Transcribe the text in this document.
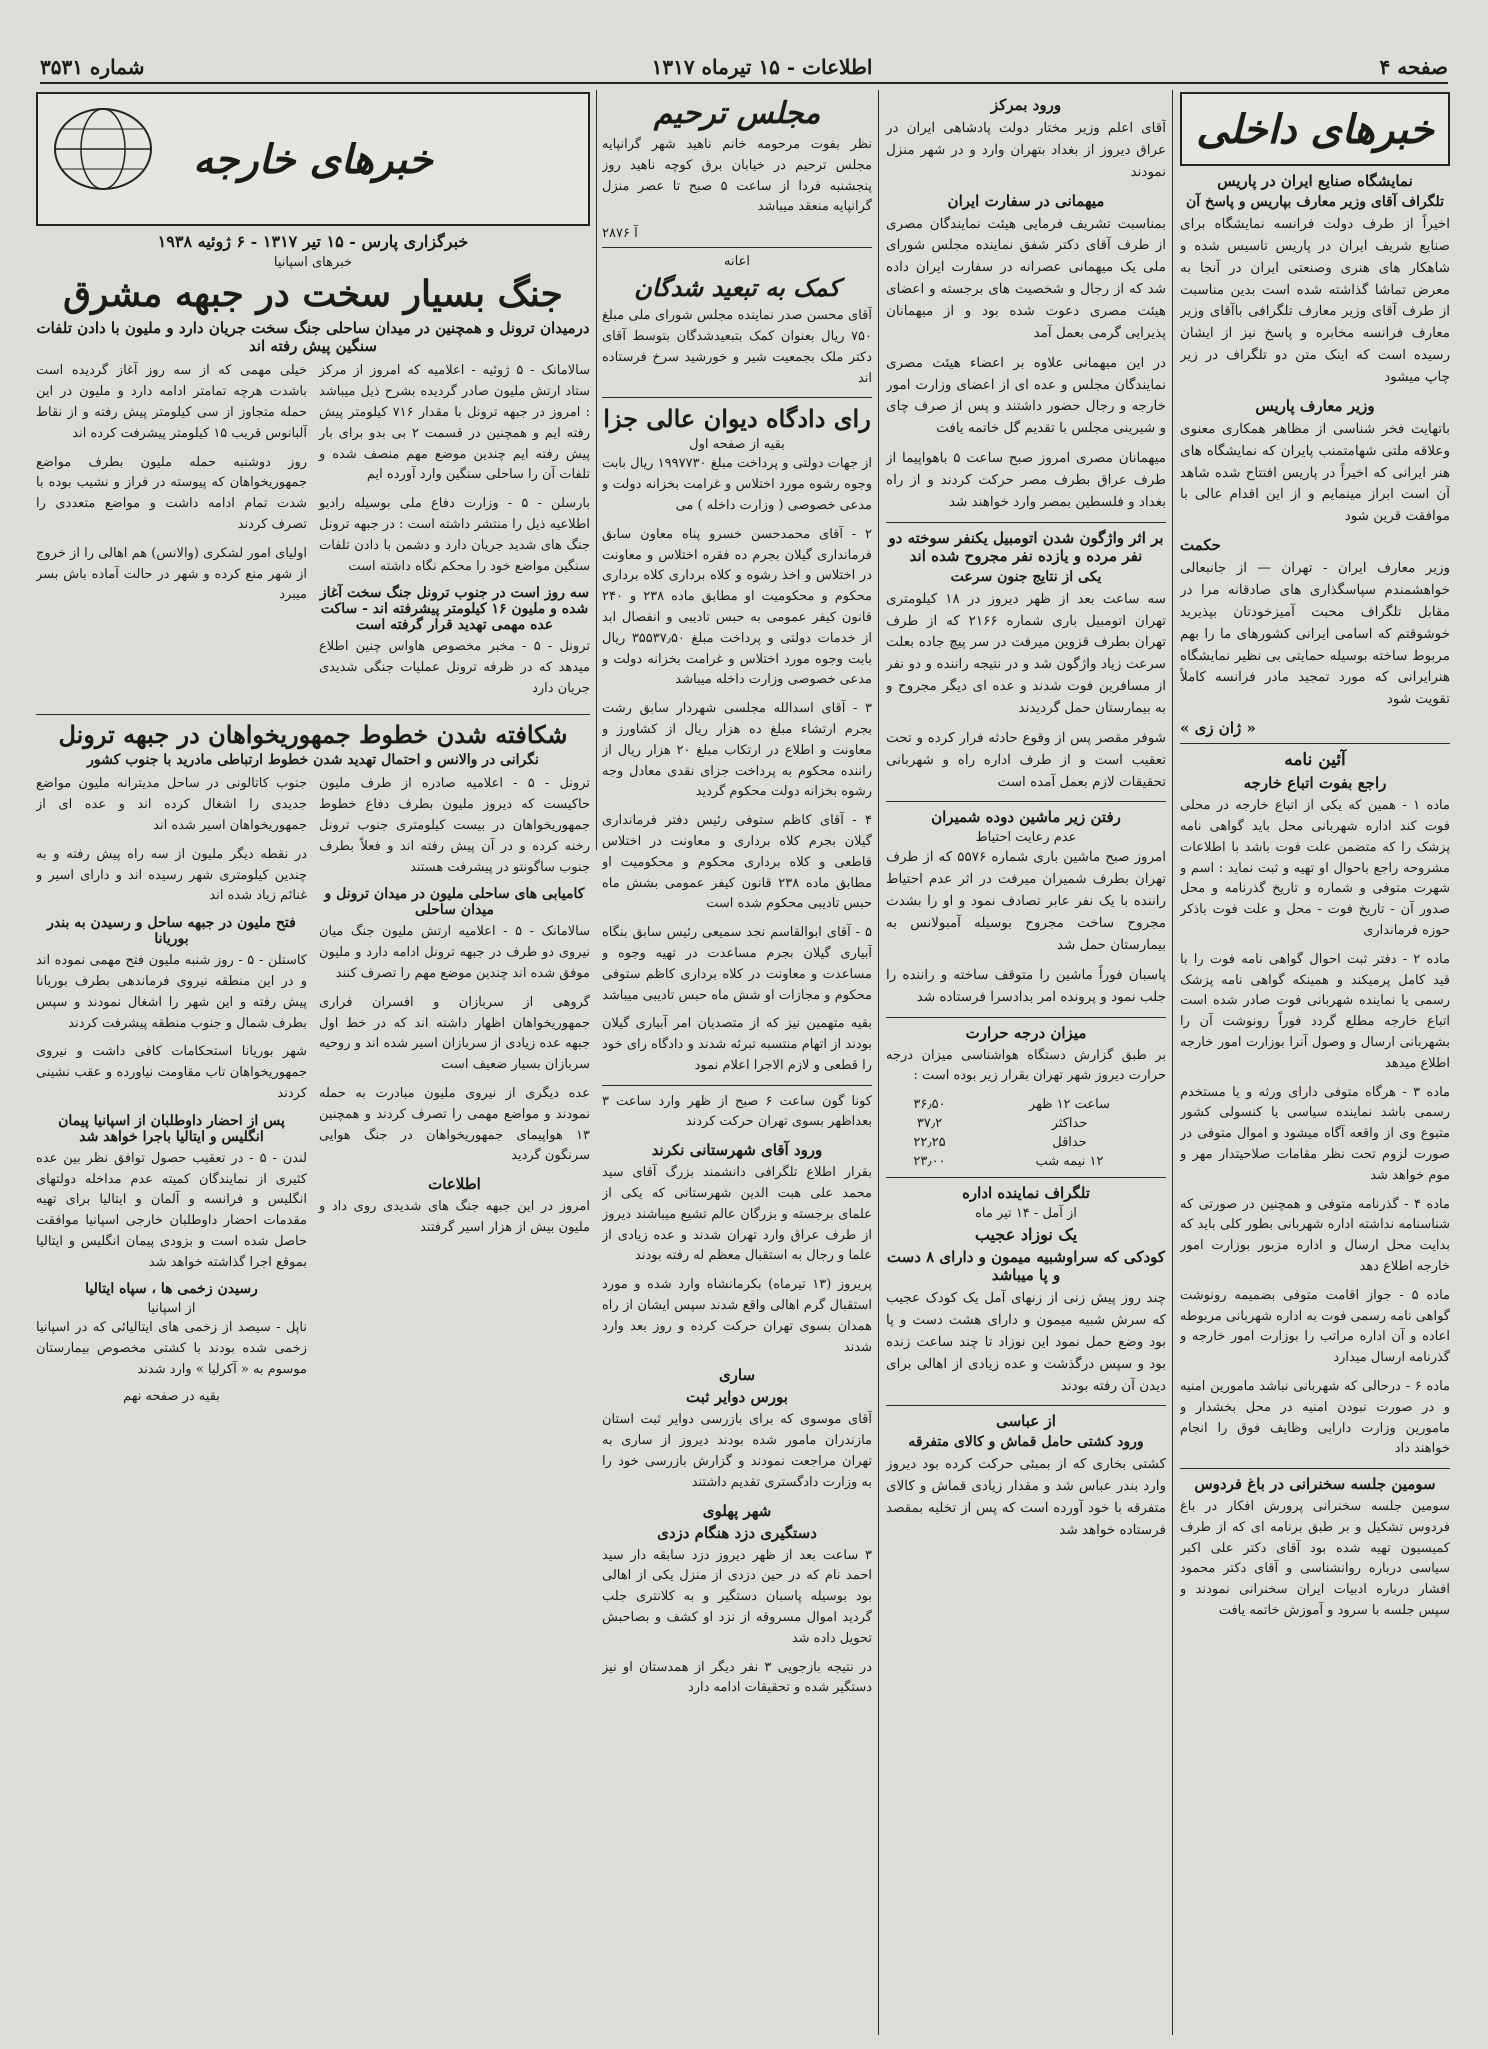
صفحه ۴
اطلاعات - ۱۵ تیرماه ۱۳۱۷
شماره ۳۵۳۱
خبرهای داخلی
نمایشگاه صنایع ایران در پاریس
تلگراف آقای وزیر معارف بپاریس و پاسخ آن

اخیراً از طرف دولت فرانسه نمایشگاه برای صنایع شریف ایران در پاریس تاسیس شده و شاهکار های هنری وصنعتی ایران در آنجا به معرض تماشا گذاشته شده است بدین مناسبت از طرف آقای وزیر معارف تلگرافی باآقای وزیر معارف فرانسه مخابره و پاسخ نیز از ایشان رسیده است که اینک متن دو تلگراف در زیر چاپ میشود

وزیر معارف پاریس

باتهایت فخر شناسی از مظاهر همکاری معنوی وعلاقه ملتی شهامتمنب پایران که نمایشگاه های هنر ایرانی که اخیراً در پاریس افتتاح شده شاهد آن است ابراز مینمایم و از این اقدام عالی با موافقت قرین شود

حکمت

وزیر معارف ایران - تهران — از جانبعالی خواهشمندم سپاسگذاری های صادقانه مرا در مقابل تلگراف محبت آمیزخودتان بپذیرید خوشوقتم که اسامی ایرانی کشورهای ما را بهم مربوط ساخته بوسیله حمایتی بی نظیر نمایشگاه هنرایرانی که مورد تمجید مادر فرانسه کاملاً تقویت شود

« ژان زی »
آئین نامه
راجع بفوت اتباع خارجه

ماده ۱ - همین که یکی از اتباع خارجه در محلی فوت کند اداره شهربانی محل باید گواهی نامه پزشک را که متضمن علت فوت باشد با اطلاعات مشروحه راجع باحوال او تهیه و ثبت نماید : اسم و شهرت متوفی و شماره و تاریخ گذرنامه و محل صدور آن - تاریخ فوت - محل و علت فوت باذکر حوزه فرمانداری

ماده ۲ - دفتر ثبت احوال گواهی نامه فوت را با قید کامل پرمیکند و همینکه گواهی نامه پزشک رسمی یا نماینده شهربانی فوت صادر شده است اتباع خارجه مطلع گردد فوراً رونوشت آن را بشهربانی ارسال و وصول آنرا بوزارت امور خارجه اطلاع میدهد

ماده ۳ - هرگاه متوفی دارای ورثه و یا مستخدم رسمی باشد نماینده سیاسی یا کنسولی کشور متبوع وی از واقعه آگاه میشود و اموال متوفی در صورت لزوم تحت نظر مقامات صلاحیتدار مهر و موم خواهد شد

ماده ۴ - گذرنامه متوفی و همچنین در صورتی که شناسنامه نداشته اداره شهربانی بطور کلی باید که بدایت محل ارسال و اداره مزبور بوزارت امور خارجه اطلاع دهد

ماده ۵ - جواز اقامت متوفی بضمیمه رونوشت گواهی نامه رسمی فوت به اداره شهربانی مربوطه اعاده و آن اداره مراتب را بوزارت امور خارجه و گذرنامه ارسال میدارد

ماده ۶ - درحالی که شهربانی نباشد مامورین امنیه و در صورت نبودن امنیه در محل بخشدار و مامورین وزارت دارایی وظایف فوق را انجام خواهند داد

سومین جلسه سخنرانی در باغ فردوس

سومین جلسه سخنرانی پرورش افکار در باغ فردوس تشکیل و بر طبق برنامه ای که از طرف کمیسیون تهیه شده بود آقای دکتر علی اکبر سیاسی درباره روانشناسی و آقای دکتر محمود افشار درباره ادبیات ایران سخنرانی نمودند و سپس جلسه با سرود و آموزش خاتمه یافت

ورود بمرکز

آقای اعلم وزیر مختار دولت پادشاهی ایران در عراق دیروز از بغداد بتهران وارد و در شهر منزل نمودند

میهمانی در سفارت ایران

بمناسبت تشریف فرمایی هیئت نمایندگان مصری از طرف آقای دکتر شفق نماینده مجلس شورای ملی یک میهمانی عصرانه در سفارت ایران داده شد که از رجال و شخصیت های برجسته و اعضای هیئت مصری دعوت شده بود و از میهمانان پذیرایی گرمی بعمل آمد

در این میهمانی علاوه بر اعضاء هیئت مصری نمایندگان مجلس و عده ای از اعضای وزارت امور خارجه و رجال حضور داشتند و پس از صرف چای و شیرینی مجلس با تقدیم گل خاتمه یافت

میهمانان مصری امروز صبح ساعت ۵ باهواپیما از طرف عراق بطرف مصر حرکت کردند و از راه بغداد و فلسطین بمصر وارد خواهند شد

بر اثر واژگون شدن اتومبیل یکنفر سوخته دو نفر مرده و یازده نفر مجروح شده اند
یکی از نتایج جنون سرعت

سه ساعت بعد از ظهر دیروز در ۱۸ کیلومتری تهران اتومبیل باری شماره ۲۱۶۶ که از طرف تهران بطرف قزوین میرفت در سر پیچ جاده بعلت سرعت زیاد واژگون شد و در نتیجه راننده و دو نفر از مسافرین فوت شدند و عده ای دیگر مجروح و به بیمارستان حمل گردیدند

شوفر مقصر پس از وقوع حادثه فرار کرده و تحت تعقیب است و از طرف اداره راه و شهربانی تحقیقات لازم بعمل آمده است

رفتن زیر ماشین دوده شمیران
عدم رعایت احتیاط

امروز صبح ماشین باری شماره ۵۵۷۶ که از طرف تهران بطرف شمیران میرفت در اثر عدم احتیاط راننده با یک نفر عابر تصادف نمود و او را بشدت مجروح ساخت مجروح بوسیله آمبولانس به بیمارستان حمل شد

پاسبان فوراً ماشین را متوقف ساخته و راننده را جلب نمود و پرونده امر بدادسرا فرستاده شد

میزان درجه حرارت

بر طبق گزارش دستگاه هواشناسی میزان درجه حرارت دیروز شهر تهران بقرار زیر بوده است :

ساعت ۱۲ ظهر	۳۶٫۵۰
حداکثر	۳۷٫۲
حداقل	۲۲٫۲۵
۱۲ نیمه شب	۲۳٫۰۰
تلگراف نماینده اداره
از آمل - ۱۴ تیر ماه
یک نوزاد عجیب
کودکی که سراوشبیه میمون و دارای ۸ دست و پا میباشد

چند روز پیش زنی از زنهای آمل یک کودک عجیب که سرش شبیه میمون و دارای هشت دست و پا بود وضع حمل نمود این نوزاد تا چند ساعت زنده بود و سپس درگذشت و عده زیادی از اهالی برای دیدن آن رفته بودند

از عباسی
ورود کشتی حامل قماش و کالای متفرقه

کشتی بخاری که از بمبئی حرکت کرده بود دیروز وارد بندر عباس شد و مقدار زیادی قماش و کالای متفرقه با خود آورده است که پس از تخلیه بمقصد فرستاده خواهد شد

مجلس ترحیم

نظر بفوت مرحومه خانم ناهید شهر گرانپایه مجلس ترحیم در خیابان برق کوچه ناهید روز پنجشنبه فردا از ساعت ۵ صبح تا عصر منزل گرانپایه منعقد میباشد

آ ۲۸۷۶
اعانه
کمک به تبعید شدگان

آقای محسن صدر نماینده مجلس شورای ملی مبلغ ۷۵۰ ریال بعنوان کمک بتبعیدشدگان بتوسط آقای دکتر ملک بجمعیت شیر و خورشید سرخ فرستاده اند

رای دادگاه دیوان عالی جزا
بقیه از صفحه اول

از جهات دولتی و پرداخت مبلغ ۱۹۹۷۷۳۰ ریال بابت وجوه رشوه مورد اختلاس و غرامت بخزانه دولت و مدعی خصوصی ( وزارت داخله ) می

۲ - آقای محمدحسن خسرو پناه معاون سابق فرمانداری گیلان بجرم ده فقره اختلاس و معاونت در اختلاس و اخذ رشوه و کلاه برداری کلاه برداری محکوم و محکومیت او مطابق ماده ۲۳۸ و ۲۴۰ قانون کیفر عمومی به حبس تادیبی و انفصال ابد از خدمات دولتی و پرداخت مبلغ ۳۵۵۳۷٫۵۰ ریال بابت وجوه مورد اختلاس و غرامت بخزانه دولت و مدعی خصوصی وزارت داخله میباشد

۳ - آقای اسدالله مجلسی شهردار سابق رشت بجرم ارتشاء مبلغ ده هزار ریال از کشاورز و معاونت و اطلاع در ارتکاب مبلغ ۲۰ هزار ریال از راننده محکوم به پرداخت جزای نقدی معادل وجه رشوه بخزانه دولت محکوم گردید

۴ - آقای کاظم ستوفی رئیس دفتر فرمانداری گیلان بجرم کلاه برداری و معاونت در اختلاس قاطعی و کلاه برداری محکوم و محکومیت او مطابق ماده ۲۳۸ قانون کیفر عمومی بشش ماه حبس تادیبی محکوم شده است

۵ - آقای ابوالقاسم نجد سمیعی رئیس سابق بنگاه آبیاری گیلان بجرم مساعدت در تهیه وجوه و مساعدت و معاونت در کلاه برداری کاظم ستوفی محکوم و مجازات او شش ماه حبس تادیبی میباشد

بقیه متهمین نیز که از متصدیان امر آبیاری گیلان بودند از اتهام منتسبه تبرئه شدند و دادگاه رای خود را قطعی و لازم الاجرا اعلام نمود

کونا گون ساعت ۶ صبح از ظهر وارد ساعت ۳ بعداظهر بسوی تهران حرکت کردند

ورود آقای شهرستانی نکرند

بقرار اطلاع تلگرافی دانشمند بزرگ آقای سید محمد علی هبت الدین شهرستانی که یکی از علمای برجسته و بزرگان عالم تشیع میباشند دیروز از طرف عراق وارد تهران شدند و عده زیادی از علما و رجال به استقبال معظم له رفته بودند

پریروز (۱۳ تیرماه) بکرمانشاه وارد شده و مورد استقبال گرم اهالی واقع شدند سپس ایشان از راه همدان بسوی تهران حرکت کرده و روز بعد وارد شدند

ساری
بورس دوایر ثبت

آقای موسوی که برای بازرسی دوایر ثبت استان مازندران مامور شده بودند دیروز از ساری به تهران مراجعت نمودند و گزارش بازرسی خود را به وزارت دادگستری تقدیم داشتند

شهر پهلوی
دستگیری دزد هنگام دزدی

۳ ساعت بعد از ظهر دیروز دزد سابقه دار سید احمد نام که در حین دزدی از منزل یکی از اهالی بود بوسیله پاسبان دستگیر و به کلانتری جلب گردید اموال مسروقه از نزد او کشف و بصاحبش تحویل داده شد

در نتیجه بازجویی ۳ نفر دیگر از همدستان او نیز دستگیر شده و تحقیقات ادامه دارد

خبرهای خارجه
خبرگزاری پارس - ۱۵ تیر ۱۳۱۷ - ۶ ژوئیه ۱۹۳۸
خبرهای اسپانیا
جنگ بسیار سخت در جبهه مشرق
درمیدان ترونل و همچنین در میدان ساحلی جنگ سخت جریان دارد و ملیون با دادن تلفات سنگین پیش رفته اند

سالامانک - ۵ ژوئیه - اعلامیه که امروز از مرکز ستاد ارتش ملیون صادر گردیده بشرح ذیل میباشد : امروز در جبهه ترونل با مقدار ۷۱۶ کیلومتر پیش رفته ایم و همچنین در قسمت ۲ بی بدو برای بار پیش رفته ایم چندین موضع مهم منصف شده و تلفات آن را ساحلی سنگین وارد آورده ایم

بارسلن - ۵ - وزارت دفاع ملی بوسیله رادیو اطلاعیه ذیل را منتشر داشته است : در جبهه ترونل جنگ های شدید جریان دارد و دشمن با دادن تلفات سنگین مواضع خود را محکم نگاه داشته است

سه روز است در جنوب ترونل جنگ سخت آغاز شده و ملیون ۱۶ کیلومتر پیشرفته اند - ساکت عده مهمی تهدید قرار گرفته است

ترونل - ۵ - مخبر مخصوص هاواس چنین اطلاع میدهد که در ظرفه ترونل عملیات جنگی شدیدی جریان دارد

خیلی مهمی که از سه روز آغاز گردیده است باشدت هرچه تمامتر ادامه دارد و ملیون در این حمله متجاوز از سی کیلومتر پیش رفته و از نقاط آلبانوس قریب ۱۵ کیلومتر پیشرفت کرده اند

روز دوشنبه حمله ملیون بطرف مواضع جمهوریخواهان که پیوسته در فراز و نشیب بوده با شدت تمام ادامه داشت و مواضع متعددی را تصرف کردند

اولیای امور لشکری (والانس) هم اهالی را از خروج از شهر منع کرده و شهر در حالت آماده باش بسر میبرد

شکافته شدن خطوط جمهوریخواهان در جبهه ترونل
نگرانی در والانس و احتمال تهدید شدن خطوط ارتباطی مادرید با جنوب کشور

ترونل - ۵ - اعلامیه صادره از طرف ملیون حاکیست که دیروز ملیون بطرف دفاع خطوط جمهوریخواهان در بیست کیلومتری جنوب ترونل رخنه کرده و در آن پیش رفته اند و فعلاً بطرف جنوب ساگونتو در پیشرفت هستند

کامیابی های ساحلی ملیون در میدان ترونل و میدان ساحلی

سالامانک - ۵ - اعلامیه ارتش ملیون جنگ میان نیروی دو طرف در جبهه ترونل ادامه دارد و ملیون موفق شده اند چندین موضع مهم را تصرف کنند

گروهی از سربازان و افسران فراری جمهوریخواهان اظهار داشته اند که در خط اول جبهه عده زیادی از سربازان اسیر شده اند و روحیه سربازان بسیار ضعیف است

عده دیگری از نیروی ملیون مبادرت به حمله نمودند و مواضع مهمی را تصرف کردند و همچنین ۱۳ هواپیمای جمهوریخواهان در جنگ هوایی سرنگون گردید

اطلاعات

امروز در این جبهه جنگ های شدیدی روی داد و ملیون بیش از هزار اسیر گرفتند

جنوب کاتالونی در ساحل مدیترانه ملیون مواضع جدیدی را اشغال کرده اند و عده ای از جمهوریخواهان اسیر شده اند

در نقطه دیگر ملیون از سه راه پیش رفته و به چندین کیلومتری شهر رسیده اند و دارای اسیر و غنائم زیاد شده اند

فتح ملیون در جبهه ساحل و رسیدن به بندر بوریانا

کاستلن - ۵ - روز شنبه ملیون فتح مهمی نموده اند و در این منطقه نیروی فرماندهی بطرف بوریانا پیش رفته و این شهر را اشغال نمودند و سپس بطرف شمال و جنوب منطقه پیشرفت کردند

شهر بوریانا استحکامات کافی داشت و نیروی جمهوریخواهان تاب مقاومت نیاورده و عقب نشینی کردند

پس از احضار داوطلبان از اسپانیا پیمان انگلیس و ایتالیا باجرا خواهد شد

لندن - ۵ - در تعقیب حصول توافق نظر بین عده کثیری از نمایندگان کمیته عدم مداخله دولتهای انگلیس و فرانسه و آلمان و ایتالیا برای تهیه مقدمات احضار داوطلبان خارجی اسپانیا موافقت حاصل شده است و بزودی پیمان انگلیس و ایتالیا بموقع اجرا گذاشته خواهد شد

رسیدن زخمی ها ، سپاه ایتالیا
از اسپانیا

ناپل - سیصد از زخمی های ایتالیائی که در اسپانیا زخمی شده بودند با کشتی مخصوص بیمارستان موسوم به « آکرلیا » وارد شدند

بقیه در صفحه نهم
